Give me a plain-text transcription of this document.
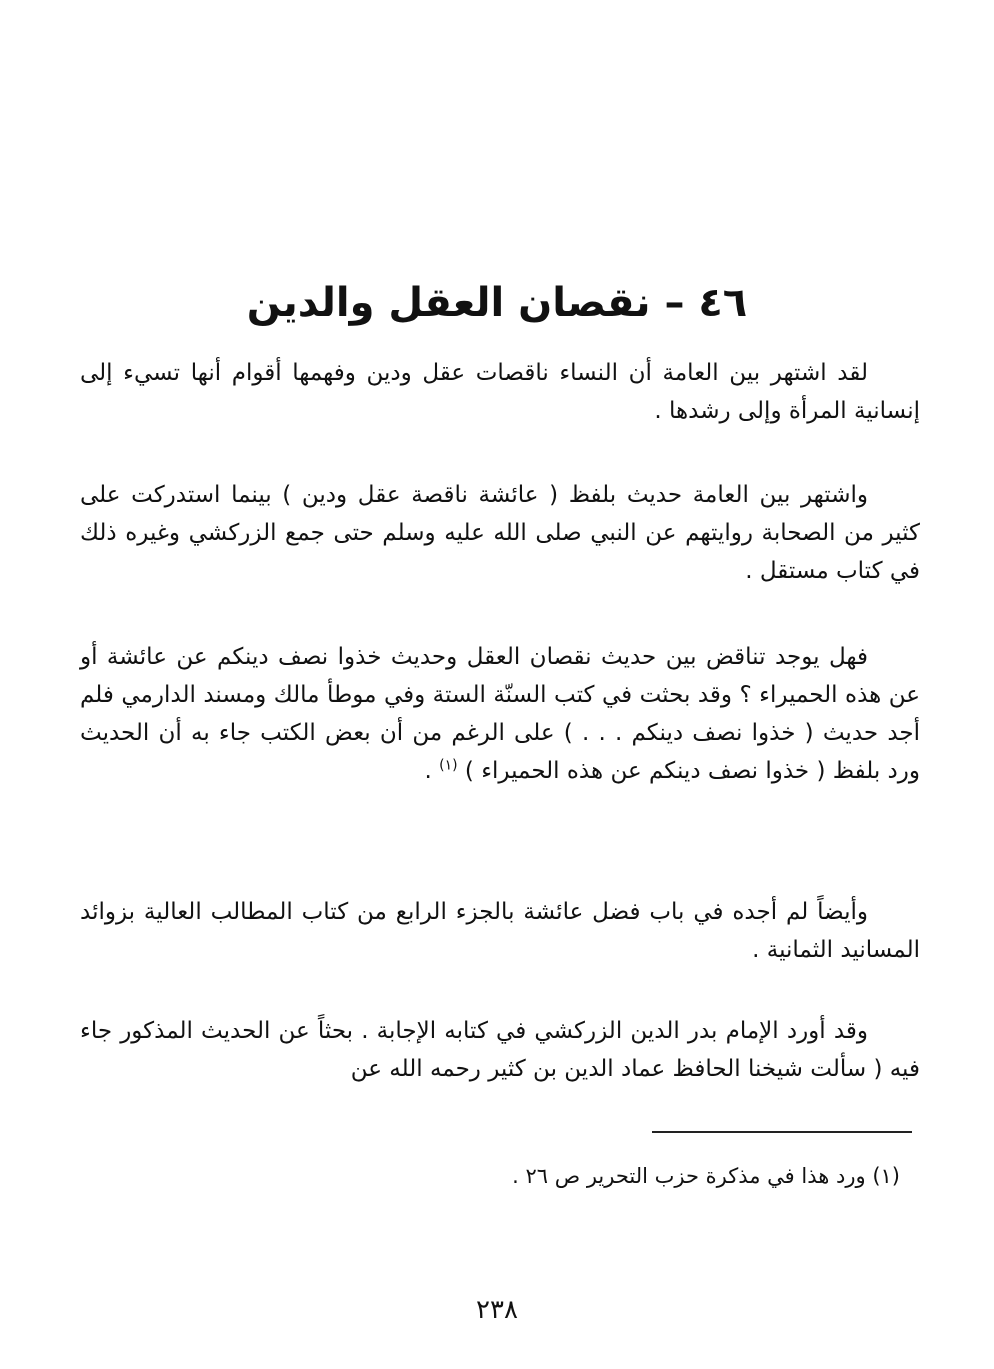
٤٦ – نقصان العقل والدين

لقد اشتهر بين العامة أن النساء ناقصات عقل ودين وفهمها أقوام أنها تسيء إلى إنسانية المرأة وإلى رشدها .

واشتهر بين العامة حديث بلفظ ( عائشة ناقصة عقل ودين ) بينما استدركت على كثير من الصحابة روايتهم عن النبي صلى الله عليه وسلم حتى جمع الزركشي وغيره ذلك في كتاب مستقل .

فهل يوجد تناقض بين حديث نقصان العقل وحديث خذوا نصف دينكم عن عائشة أو عن هذه الحميراء ؟ وقد بحثت في كتب السنّة الستة وفي موطأ مالك ومسند الدارمي فلم أجد حديث ( خذوا نصف دينكم . . . ) على الرغم من أن بعض الكتب جاء به أن الحديث ورد بلفظ ( خذوا نصف دينكم عن هذه الحميراء ) $^{(١)}$ .

وأيضاً لم أجده في باب فضل عائشة بالجزء الرابع من كتاب المطالب العالية بزوائد المسانيد الثمانية .

وقد أورد الإمام بدر الدين الزركشي في كتابه الإجابة . بحثاً عن الحديث المذكور جاء فيه ( سألت شيخنا الحافظ عماد الدين بن كثير رحمه الله عن

(١) ورد هذا في مذكرة حزب التحرير ص ٢٦ .
٢٣٨
